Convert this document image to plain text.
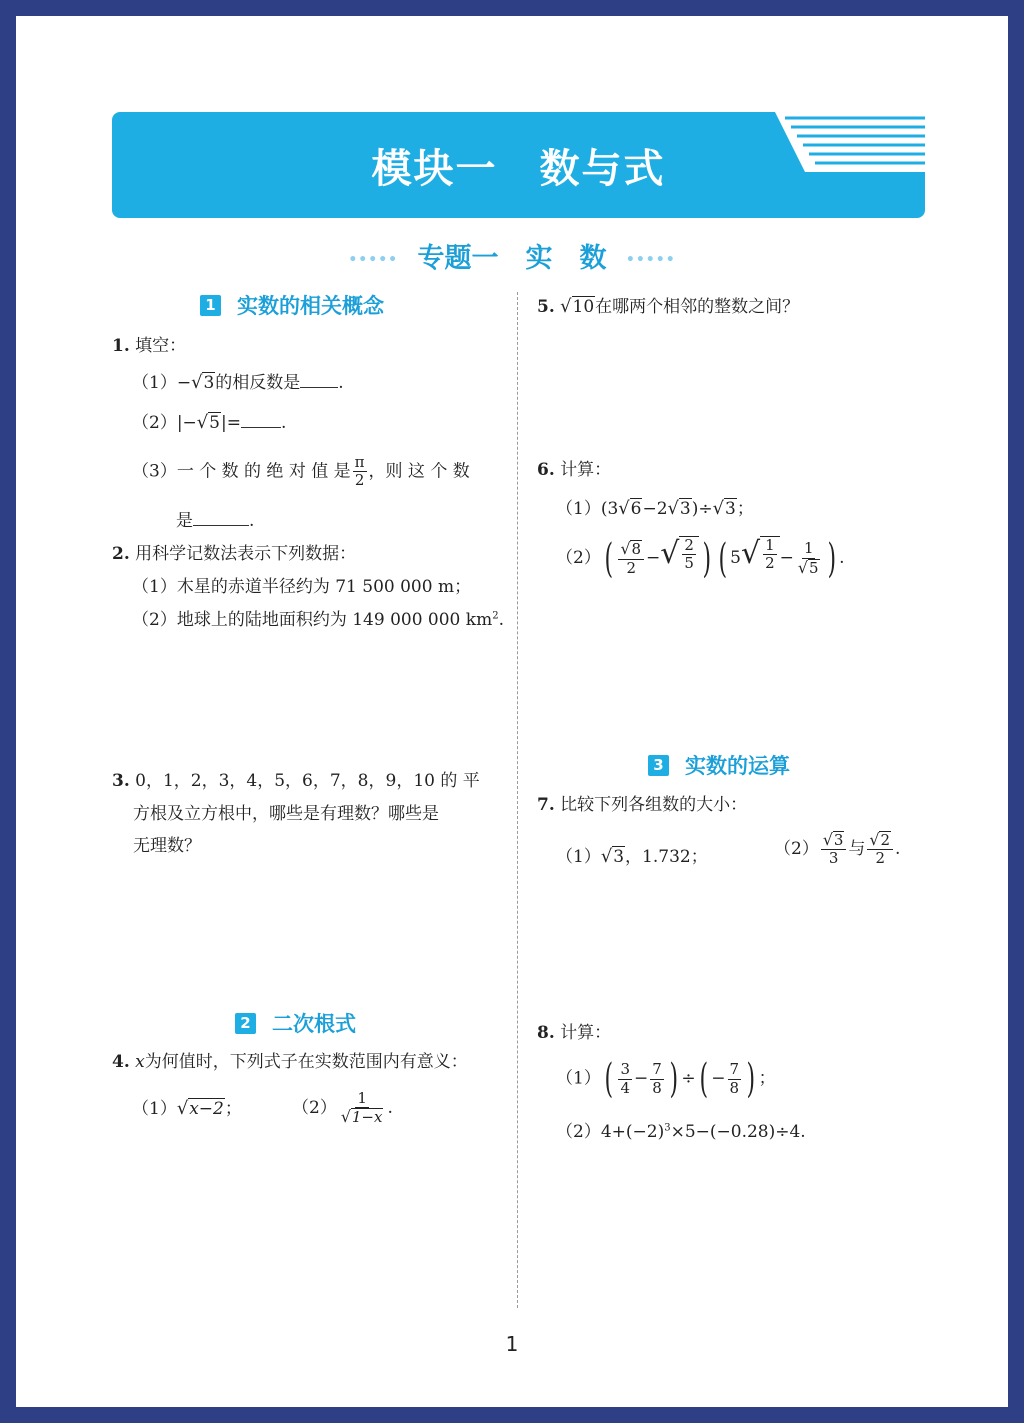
模块一　数与式
••••• 专题一　实　数 •••••
1 实数的相关概念
1. 填空：
（1）− √ 3 的相反数是 .
（2）|− √ 5 |= .
（3）一 个 数 的 绝 对 值 是 $\frac{\pi}{2}$ ，则 这 个 数
是	.
2. 用科学记数法表示下列数据：
（1）木星的赤道半径约为 71 500 000 m；
（2）地球上的陆地面积约为 149 000 000 $km^2$.
3. 0，1，2，3，4，5，6，7，8，9，10 的 平
方根及立方根中，哪些是有理数？哪些是
无理数？
2 二次根式
4. x为何值时，下列式子在实数范围内有意义：
（1） √ x−2 ；	$(2) \frac{1}{√ 1-x}$ .
5. √ 10 在哪两个相邻的整数之间？
6. 计算：
（1）(3 √ 6 −2 √ 3 )÷ √ 3 ；
$(2)( \frac{√ 8}{2}$ − √ $\frac{2}{5}$ ) ( 5 √ $\frac{1}{2} - \frac{1}{√ 5}$ ) .
3 实数的运算
7. 比较下列各组数的大小：
（1） √ 3 ，1.732；	$(2) \frac{√ 3}{3}$ 与 $\frac{√ 2}{2}$ .
8. 计算：
$(1)( \frac{3}{4} - \frac{7}{8}$ ) ÷( − $\frac{7}{8}$ ) ；
$(2)4+(-2)^3\times 5-(-0.28)\div 4$.
1
